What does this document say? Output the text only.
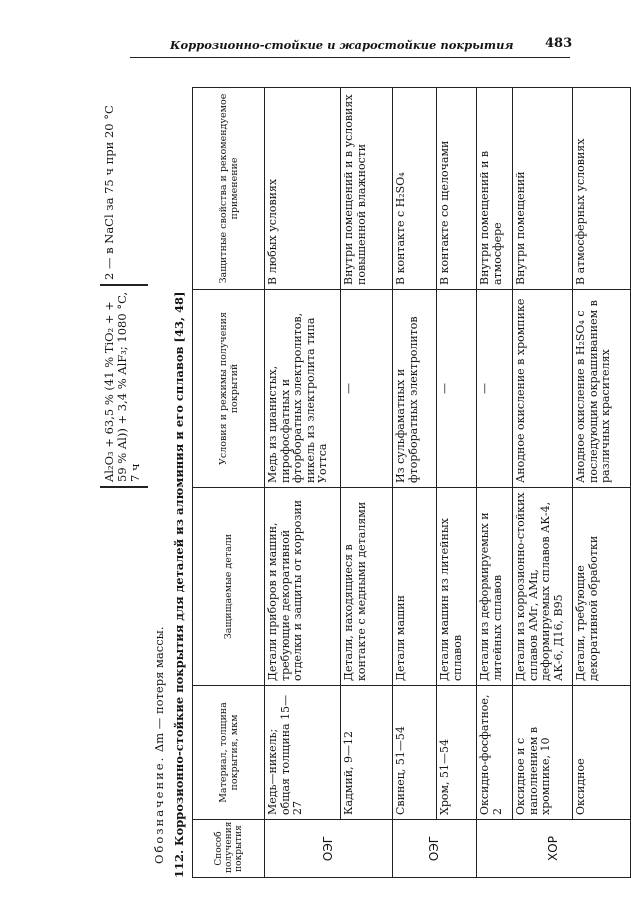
Коррозионно-стойкие и жаростойкие покрытия 483
Al₂O₃ + 63,5 % (41 % TiO₂ + + 59 % Al)) + 3,4 % AlF₃; 1080 °C, 7 ч
2 — в NaCl за 75 ч при 20 °C
Обозначение. Δm — потеря массы. 112. Коррозионно-стойкие покрытия для деталей из алюминия и его сплавов [43, 48]	Способ получения покрытия	Материал, толщина покрытия, мкм	Защищаемые детали	Условия и режимы получения покрытий	Защитные свойства и рекомендуемое применение
ОЭГ	Медь—никель; общая толщина 15—27	Детали приборов и машин, требующие декоративной отделки и защиты от коррозии	Медь из цианистых, пирофосфатных и фторборатных электролитов, никель из электролита типа Уоттса	В любых условиях
	Кадмий, 9—12	Детали, находящиеся в контакте с медными деталями	—	Внутри помещений и в условиях повышенной влажности
ОЭГ	Свинец, 51—54	Детали машин	Из сульфаматных и фторборатных электролитов	В контакте с H₂SO₄
	Хром, 51—54	Детали машин из литейных сплавов	—	В контакте со щелочами
ХОР	Оксидно-фосфатное, 2	Детали из деформируемых и литейных сплавов	—	Внутри помещений и в атмосфере
	Оксидное и с наполнением в хромпике, 10	Детали из коррозионно-стойких сплавов АМг, АМц, деформируемых сплавов АК-4, АК-6, Д16, В95	Анодное окисление в хромпике	Внутри помещений
	Оксидное	Детали, требующие декоративной обработки	Анодное окисление в H₂SO₄ с последующим окрашиванием в различных красителях	В атмосферных условиях
